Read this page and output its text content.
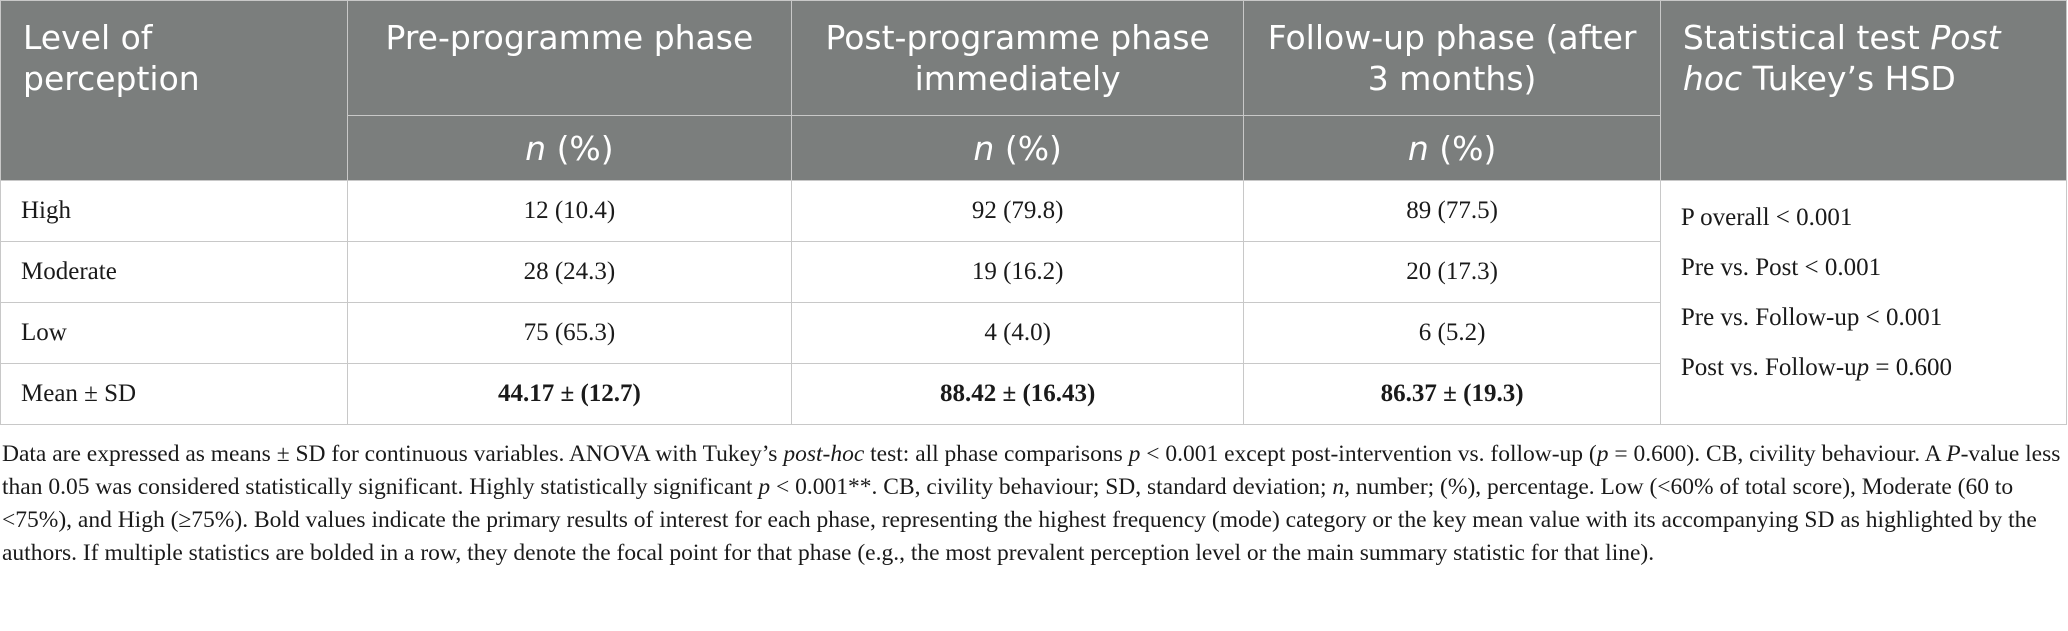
Level of perception	Pre-programme phase	Post-programme phase immediately	Follow-up phase (after 3 months)	Statistical test Post hoc Tukey’s HSD
	n (%)	n (%)	n (%)	
High	12 (10.4)	92 (79.8)	89 (77.5)	P overall < 0.001
Pre vs. Post < 0.001
Pre vs. Follow-up < 0.001
Post vs. Follow-up = 0.600

Moderate	28 (24.3)	19 (16.2)	20 (17.3)	
Low	75 (65.3)	4 (4.0)	6 (5.2)	
Mean ± SD	44.17 ± (12.7)	88.42 ± (16.43)	86.37 ± (19.3)	

Data are expressed as means ± SD for continuous variables. ANOVA with Tukey’s post-hoc test: all phase comparisons p < 0.001 except post-intervention vs. follow-up (p = 0.600). CB, civility behaviour. A P-value less than 0.05 was considered statistically significant. Highly statistically significant p < 0.001**. CB, civility behaviour; SD, standard deviation; n, number; (%), percentage. Low (<60% of total score), Moderate (60 to <75%), and High (≥75%). Bold values indicate the primary results of interest for each phase, representing the highest frequency (mode) category or the key mean value with its accompanying SD as highlighted by the authors. If multiple statistics are bolded in a row, they denote the focal point for that phase (e.g., the most prevalent perception level or the main summary statistic for that line).
